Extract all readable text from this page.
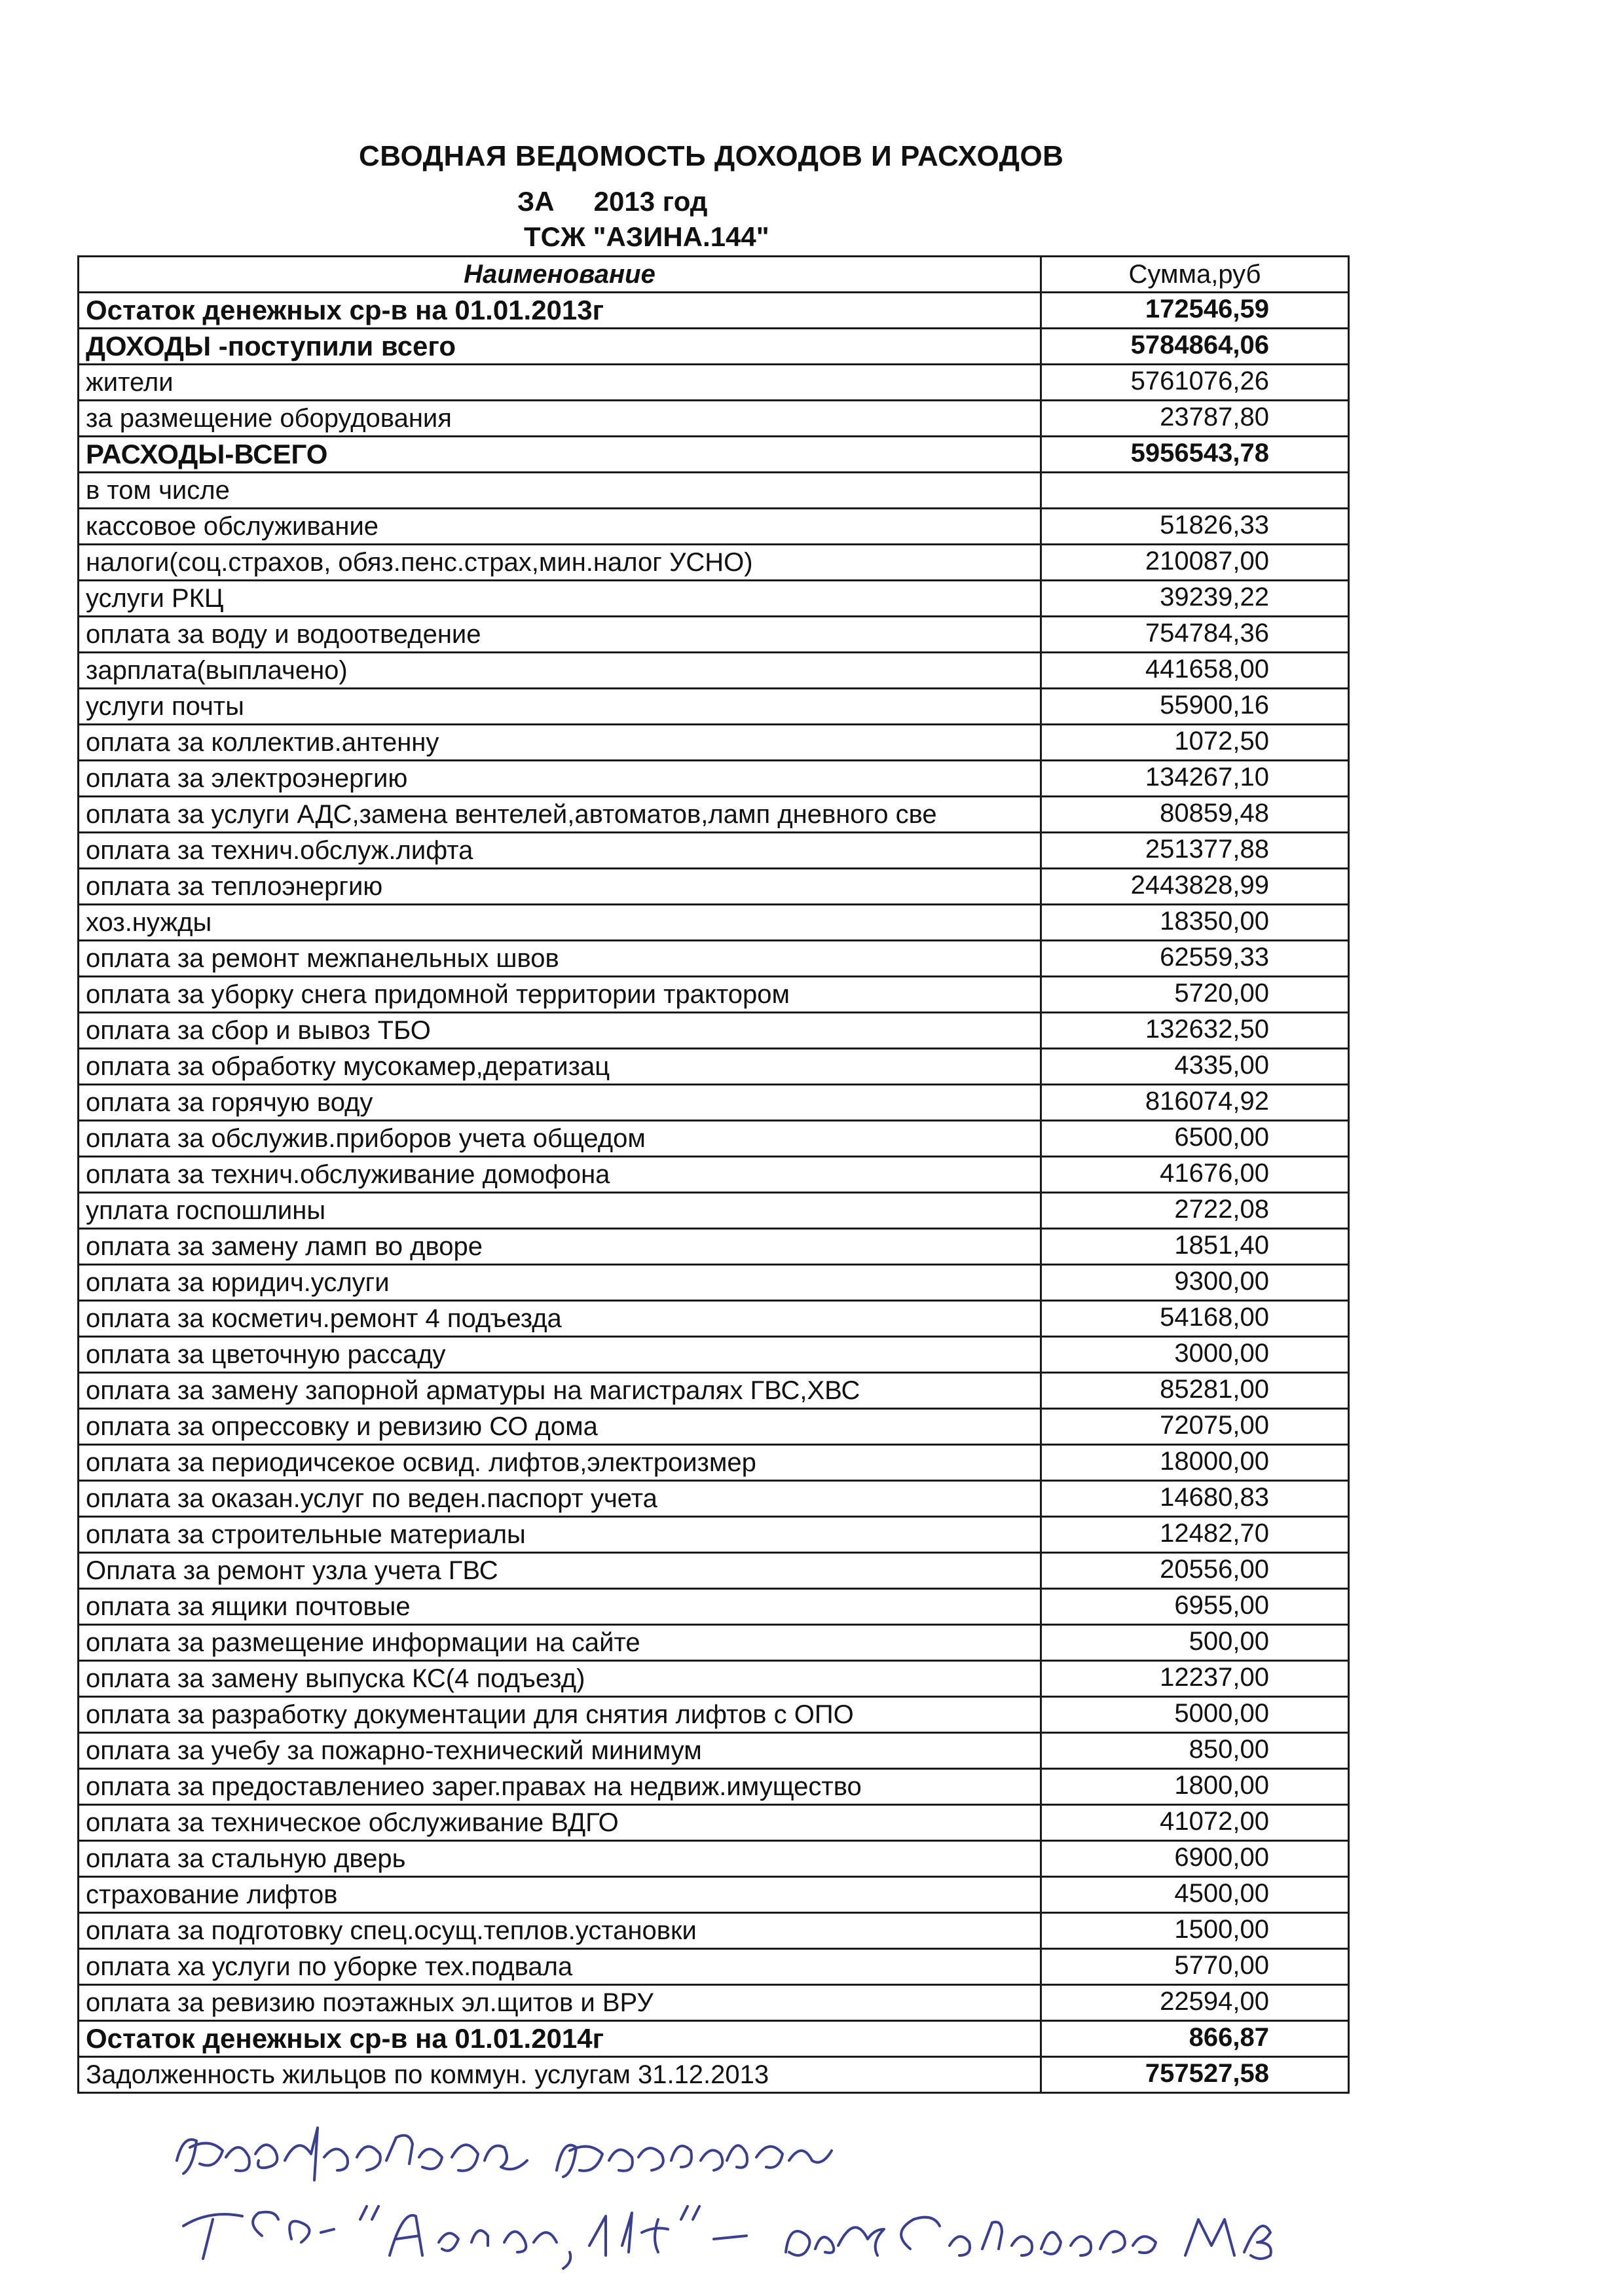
СВОДНАЯ ВЕДОМОСТЬ ДОХОДОВ И РАСХОДОВ
ЗА 2013 год
ТСЖ "АЗИНА.144"
Наименование	Сумма,руб
Остаток денежных ср-в на 01.01.2013г	172546,59
ДОХОДЫ -поступили всего	5784864,06
жители	5761076,26
за размещение оборудования	23787,80
РАСХОДЫ-ВСЕГО	5956543,78
в том числе	
кассовое обслуживание	51826,33
налоги(соц.страхов, обяз.пенс.страх,мин.налог УСНО)	210087,00
услуги РКЦ	39239,22
оплата за воду и водоотведение	754784,36
зарплата(выплачено)	441658,00
услуги почты	55900,16
оплата за коллектив.антенну	1072,50
оплата за электроэнергию	134267,10
оплата за услуги АДС,замена вентелей,автоматов,ламп дневного све	80859,48
оплата за технич.обслуж.лифта	251377,88
оплата за теплоэнергию	2443828,99
хоз.нужды	18350,00
оплата за ремонт межпанельных швов	62559,33
оплата за уборку снега придомной территории трактором	5720,00
оплата за сбор и вывоз ТБО	132632,50
оплата за обработку мусокамер,дератизац	4335,00
оплата за горячую воду	816074,92
оплата за обслужив.приборов учета общедом	6500,00
оплата за технич.обслуживание домофона	41676,00
уплата госпошлины	2722,08
оплата за замену ламп во дворе	1851,40
оплата за юридич.услуги	9300,00
оплата за косметич.ремонт 4 подъезда	54168,00
оплата за цветочную рассаду	3000,00
оплата за замену запорной арматуры на магистралях ГВС,ХВС	85281,00
оплата за опрессовку и ревизию СО дома	72075,00
оплата за периодичсекое освид. лифтов,электроизмер	18000,00
оплата за оказан.услуг по веден.паспорт учета	14680,83
оплата за строительные материалы	12482,70
Оплата за ремонт узла учета ГВС	20556,00
оплата за ящики почтовые	6955,00
оплата за размещение информации на сайте	500,00
оплата за замену выпуска КС(4 подъезд)	12237,00
оплата за разработку документации для снятия лифтов с ОПО	5000,00
оплата за учебу за пожарно-технический минимум	850,00
оплата за предоставлениео зарег.правах на недвиж.имущество	1800,00
оплата за техническое обслуживание ВДГО	41072,00
оплата за стальную дверь	6900,00
страхование лифтов	4500,00
оплата за подготовку спец.осущ.теплов.установки	1500,00
оплата ха услуги по уборке тех.подвала	5770,00
оплата за ревизию поэтажных эл.щитов и ВРУ	22594,00
Остаток денежных ср-в на 01.01.2014г	866,87
Задолженность жильцов по коммун. услугам 31.12.2013	757527,58
